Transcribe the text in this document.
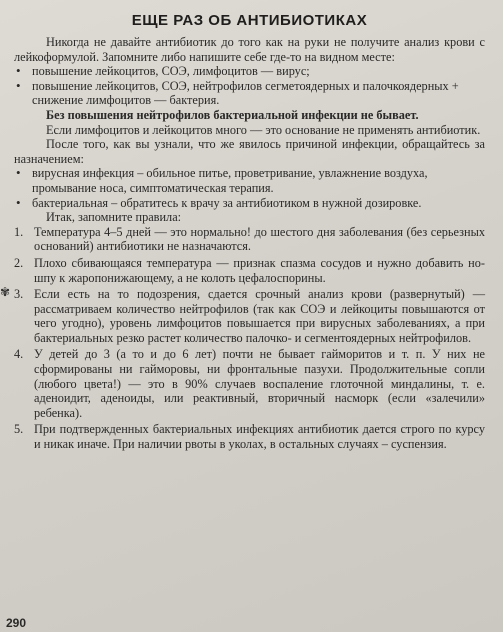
ЕЩЕ РАЗ ОБ АНТИБИОТИКАХ

Никогда не давайте антибиотик до того как на руки не получите анализ крови с лейкоформулой. Запомните либо напишите себе где-то на видном месте:

• повышение лейкоцитов, СОЭ, лимфоцитов — вирус;
• повышение лейкоцитов, СОЭ, нейтрофилов сегметоядерных и палочкоядерных + снижение лимфоцитов — бактерия.

Без повышения нейтрофилов бактериальной инфекции не бывает.

Если лимфоцитов и лейкоцитов много — это основание не применять антибиотик.

После того, как вы узнали, что же явилось причиной инфекции, обращайтесь за назначением:

• вирусная инфекция – обильное питье, проветривание, увлажнение воздуха, промывание носа, симптоматическая терапия.
• бактериальная – обратитесь к врачу за антибиотиком в нужной дозировке.
✾

Итак, запомните правила:

1. Температура 4–5 дней — это нормально! до шестого дня заболевания (без серьезных оснований) антибиотики не назначаются.
2. Плохо сбивающаяся температура — признак спазма сосудов и нужно добавить но-шпу к жаропонижающему, а не колоть цефалоспорины.
3. Если есть на то подозрения, сдается срочный анализ крови (развернутый) — рассматриваем количество нейтрофилов (так как СОЭ и лейкоциты повышаются от чего угодно), уровень лимфоцитов повышается при вирусных заболеваниях, а при бактериальных резко растет количество палочко- и сегментоядерных нейтрофилов.
4. У детей до 3 (а то и до 6 лет) почти не бывает гайморитов и т. п. У них не сформированы ни гайморовы, ни фронтальные пазухи. Продолжительные сопли (любого цвета!) — это в 90% случаев воспаление глоточной миндалины, т. е. аденоидит, аденоиды, или реактивный, вторичный насморк (если «залечили» ребенка).
5. При подтвержденных бактериальных инфекциях антибиотик дается строго по курсу и никак иначе. При наличии рвоты в уколах, в остальных случаях – суспензия.
290
